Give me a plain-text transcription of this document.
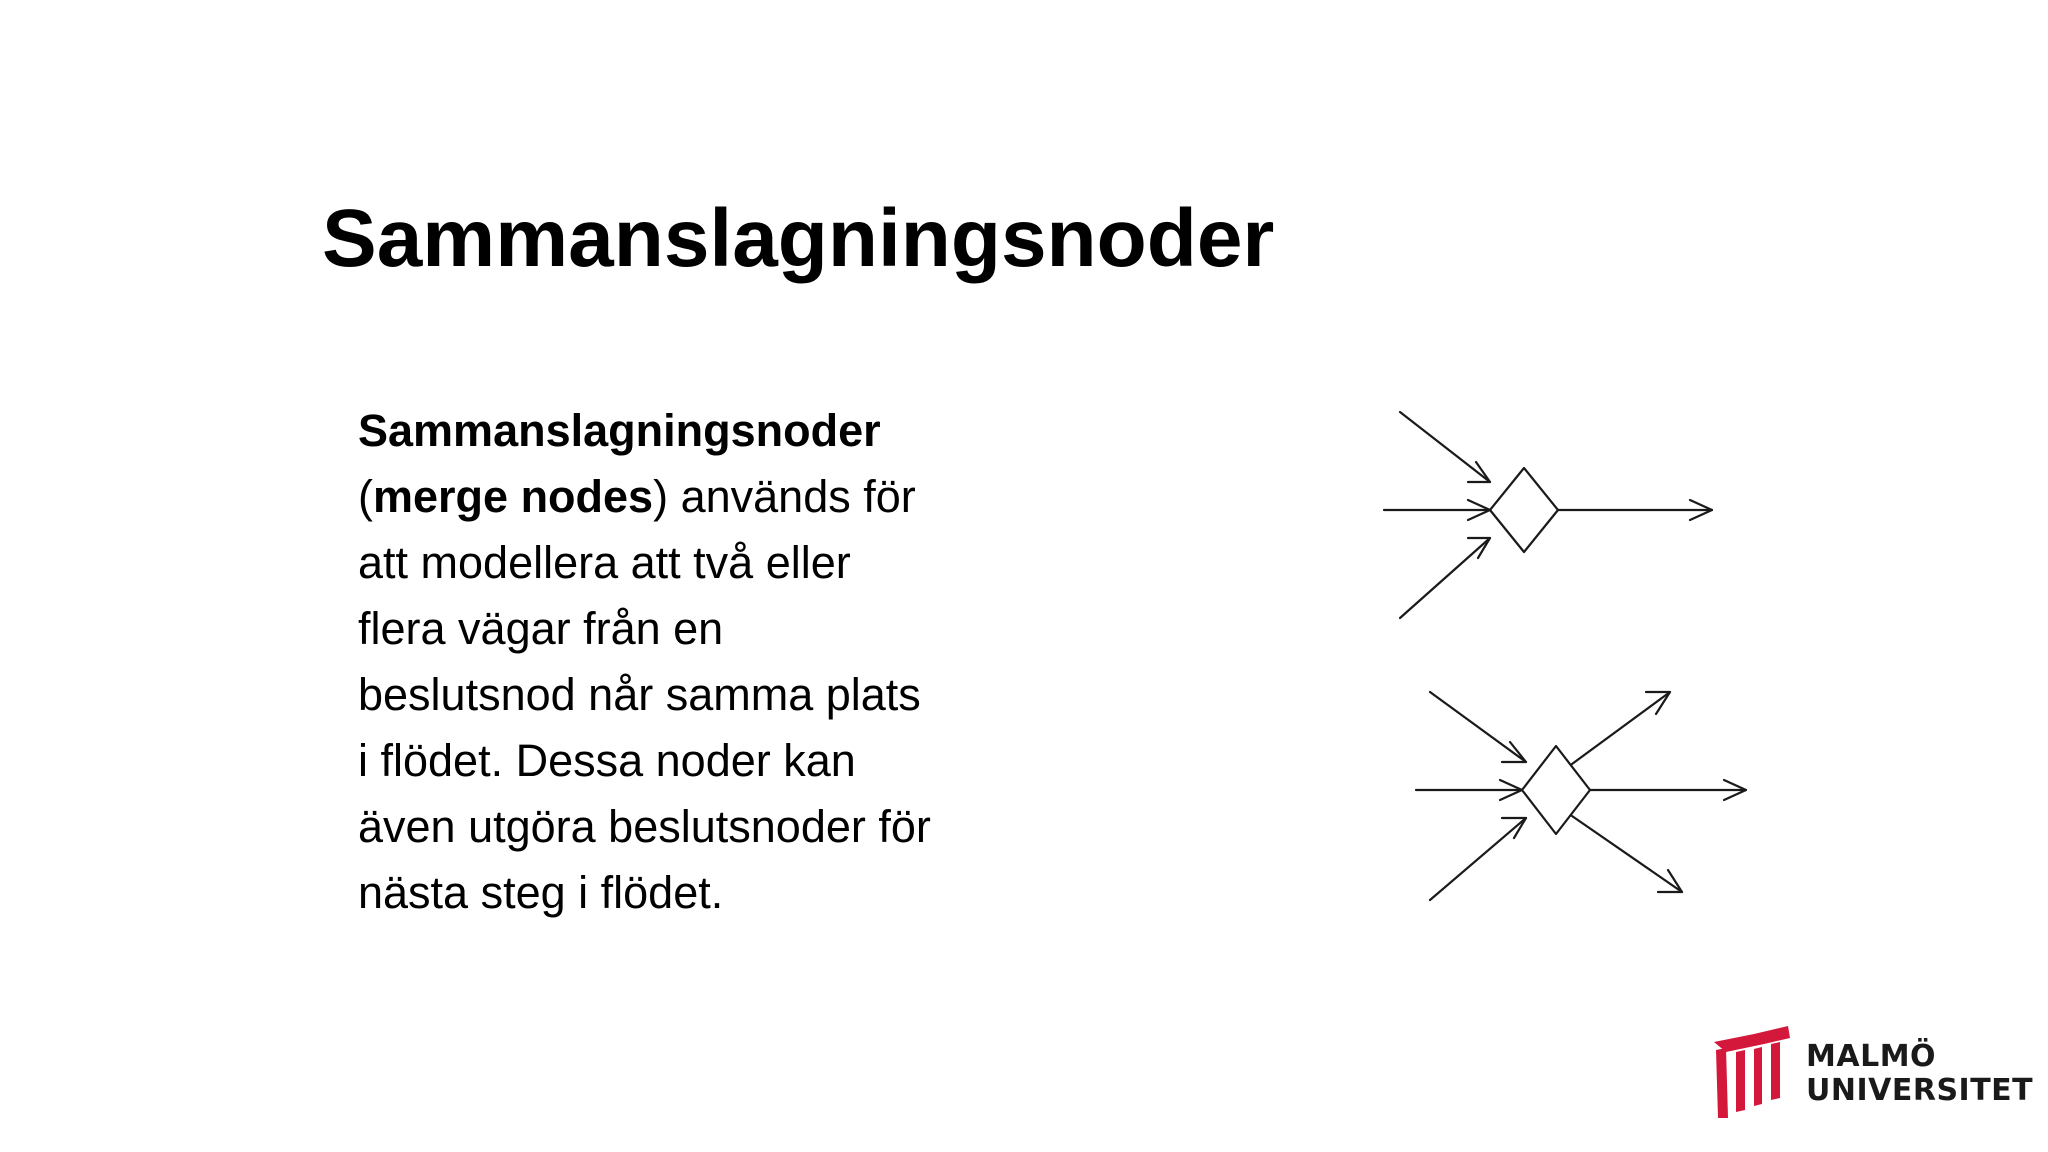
Sammanslagningsnoder

Sammanslagningsnoder
(merge nodes) används för
att modellera att två eller
flera vägar från en
beslutsnod når samma plats
i flödet. Dessa noder kan
även utgöra beslutsnoder för
nästa steg i flödet.

MALMÖ
UNIVERSITET
